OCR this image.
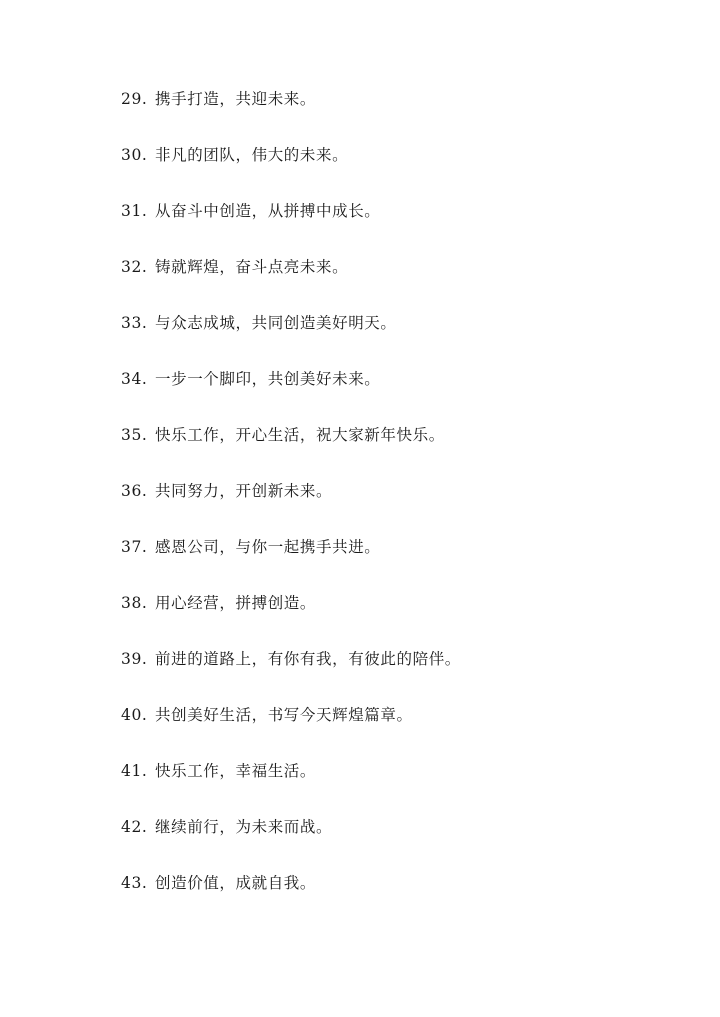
29. 携手打造，共迎未来。
30. 非凡的团队，伟大的未来。
31. 从奋斗中创造，从拼搏中成长。
32. 铸就辉煌，奋斗点亮未来。
33. 与众志成城，共同创造美好明天。
34. 一步一个脚印，共创美好未来。
35. 快乐工作，开心生活，祝大家新年快乐。
36. 共同努力，开创新未来。
37. 感恩公司，与你一起携手共进。
38. 用心经营，拼搏创造。
39. 前进的道路上，有你有我，有彼此的陪伴。
40. 共创美好生活，书写今天辉煌篇章。
41. 快乐工作，幸福生活。
42. 继续前行，为未来而战。
43. 创造价值，成就自我。
